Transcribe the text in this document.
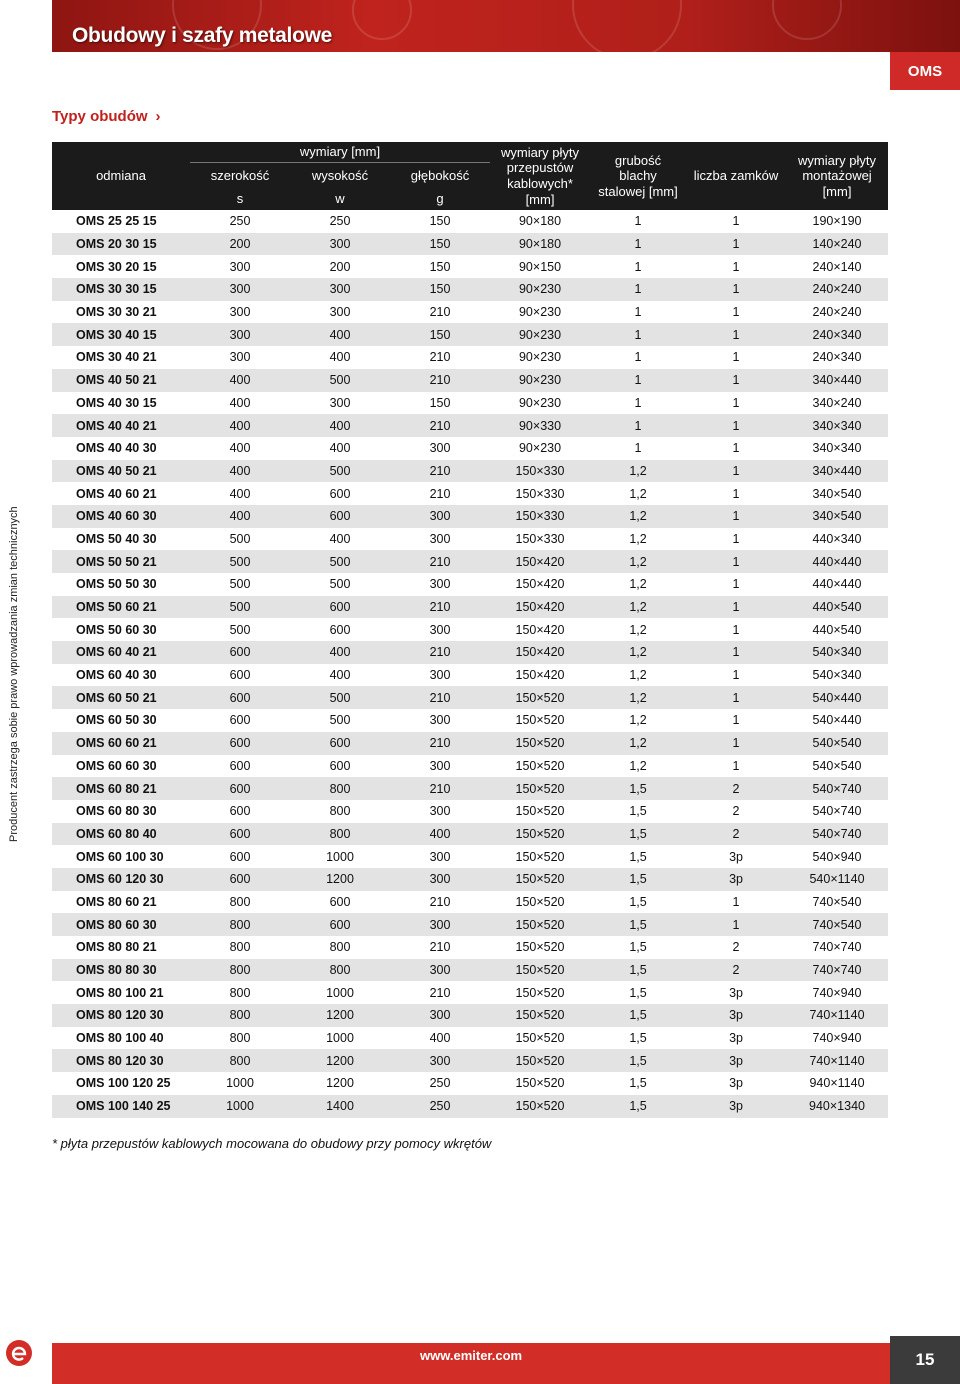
Obudowy i szafy metalowe
OMS
Typy obudów ›
Producent zastrzega sobie prawo wprowadzania zmian technicznych
odmiana	wymiary [mm]			wymiary płyty przepustów kablowych* [mm]	grubość blachy stalowej [mm]	liczba zamków	wymiary płyty montażowej [mm]
	szerokość	wysokość	głębokość				
	s	w	g				
OMS 25 25 15	250	250	150	90×180	1	1	190×190
OMS 20 30 15	200	300	150	90×180	1	1	140×240
OMS 30 20 15	300	200	150	90×150	1	1	240×140
OMS 30 30 15	300	300	150	90×230	1	1	240×240
OMS 30 30 21	300	300	210	90×230	1	1	240×240
OMS 30 40 15	300	400	150	90×230	1	1	240×340
OMS 30 40 21	300	400	210	90×230	1	1	240×340
OMS 40 50 21	400	500	210	90×230	1	1	340×440
OMS 40 30 15	400	300	150	90×230	1	1	340×240
OMS 40 40 21	400	400	210	90×330	1	1	340×340
OMS 40 40 30	400	400	300	90×230	1	1	340×340
OMS 40 50 21	400	500	210	150×330	1,2	1	340×440
OMS 40 60 21	400	600	210	150×330	1,2	1	340×540
OMS 40 60 30	400	600	300	150×330	1,2	1	340×540
OMS 50 40 30	500	400	300	150×330	1,2	1	440×340
OMS 50 50 21	500	500	210	150×420	1,2	1	440×440
OMS 50 50 30	500	500	300	150×420	1,2	1	440×440
OMS 50 60 21	500	600	210	150×420	1,2	1	440×540
OMS 50 60 30	500	600	300	150×420	1,2	1	440×540
OMS 60 40 21	600	400	210	150×420	1,2	1	540×340
OMS 60 40 30	600	400	300	150×420	1,2	1	540×340
OMS 60 50 21	600	500	210	150×520	1,2	1	540×440
OMS 60 50 30	600	500	300	150×520	1,2	1	540×440
OMS 60 60 21	600	600	210	150×520	1,2	1	540×540
OMS 60 60 30	600	600	300	150×520	1,2	1	540×540
OMS 60 80 21	600	800	210	150×520	1,5	2	540×740
OMS 60 80 30	600	800	300	150×520	1,5	2	540×740
OMS 60 80 40	600	800	400	150×520	1,5	2	540×740
OMS 60 100 30	600	1000	300	150×520	1,5	3p	540×940
OMS 60 120 30	600	1200	300	150×520	1,5	3p	540×1140
OMS 80 60 21	800	600	210	150×520	1,5	1	740×540
OMS 80 60 30	800	600	300	150×520	1,5	1	740×540
OMS 80 80 21	800	800	210	150×520	1,5	2	740×740
OMS 80 80 30	800	800	300	150×520	1,5	2	740×740
OMS 80 100 21	800	1000	210	150×520	1,5	3p	740×940
OMS 80 120 30	800	1200	300	150×520	1,5	3p	740×1140
OMS 80 100 40	800	1000	400	150×520	1,5	3p	740×940
OMS 80 120 30	800	1200	300	150×520	1,5	3p	740×1140
OMS 100 120 25	1000	1200	250	150×520	1,5	3p	940×1140
OMS 100 140 25	1000	1400	250	150×520	1,5	3p	940×1340
* płyta przepustów kablowych mocowana do obudowy przy pomocy wkrętów
www.emiter.com	15
